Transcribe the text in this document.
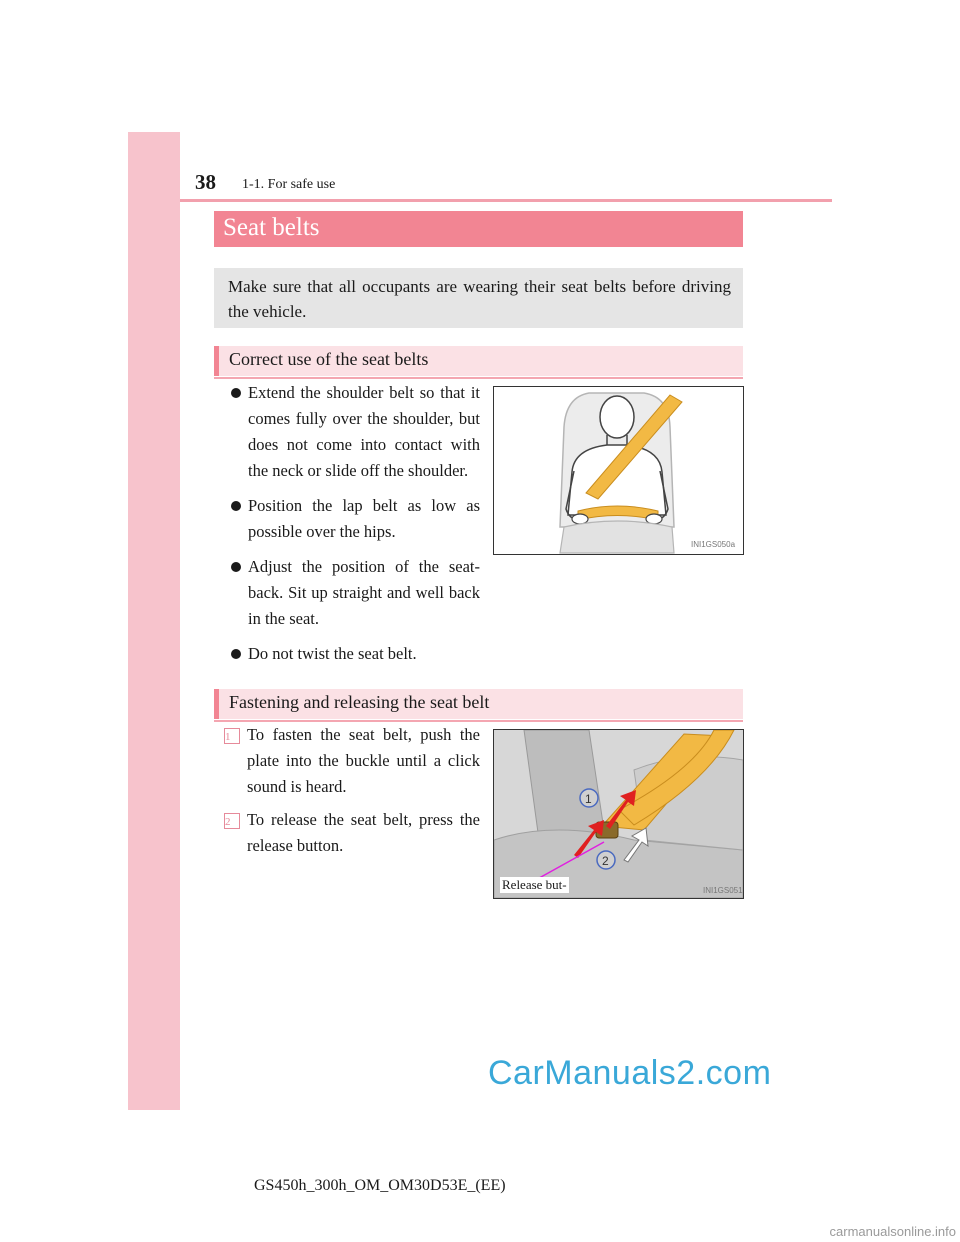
38 1-1. For safe use
Seat belts

Make sure that all occupants are wearing their seat belts before driving the vehicle.

Correct use of the seat belts
Extend the shoulder belt so that it comes fully over the shoulder, but does not come into contact with the neck or slide off the shoulder.
Position the lap belt as low as possible over the hips.
Adjust the position of the seat-back. Sit up straight and well back in the seat.
Do not twist the seat belt.
INI1GS050a
Fastening and releasing the seat belt
1	To fasten the seat belt, push the plate into the buckle until a click sound is heard.
2	To release the seat belt, press the release button.
1
2
INI1GS051
Release but-
CarManuals2.com
GS450h_300h_OM_OM30D53E_(EE)
carmanualsonline.info
